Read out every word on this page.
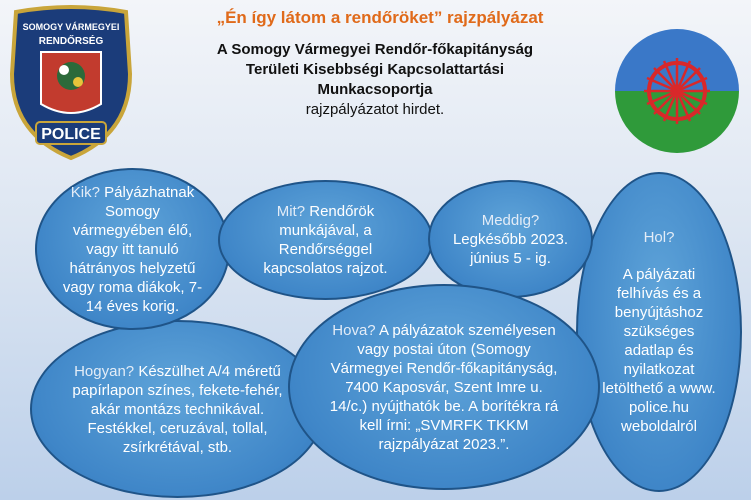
SOMOGY VÁRMEGYEI
RENDŐRSÉG
POLICE
„Én így látom a rendőröket” rajzpályázat
A Somogy Vármegyei Rendőr-főkapitányság
Területi Kisebbségi Kapcsolattartási
Munkacsoportja
rajzpályázatot hirdet.
Hol?
A pályázati felhívás és a benyújtáshoz szükséges adatlap és nyilatkozat letölthető a www. police.hu weboldalról
Hogyan? Készülhet A/4 méretű papírlapon színes, fekete-fehér, akár montázs technikával. Festékkel, ceruzával, tollal, zsírkrétával, stb.
Kik? Pályázhatnak Somogy vármegyében élő, vagy itt tanuló hátrányos helyzetű vagy roma diákok, 7-14 éves korig.
Mit? Rendőrök munkájával, a Rendőrséggel kapcsolatos rajzot.
Meddig?
Legkésőbb 2023. június 5 - ig.
Hova? A pályázatok személyesen vagy postai úton (Somogy Vármegyei Rendőr-főkapitányság, 7400 Kaposvár, Szent Imre u. 14/c.) nyújthatók be. A borítékra rá kell írni: „SVMRFK TKKM rajzpályázat 2023.”.
